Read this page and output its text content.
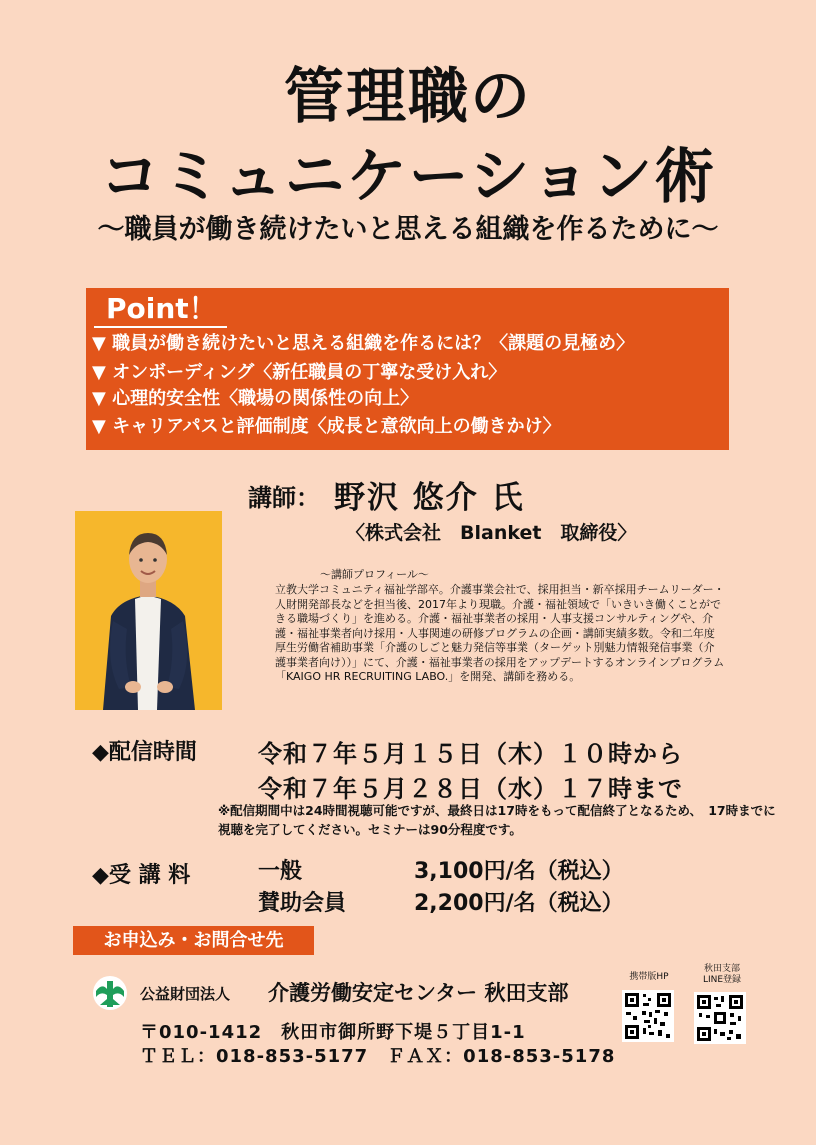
管理職の
コミュニケーション術
〜職員が働き続けたいと思える組織を作るために〜
Point！
▼ 職員が働き続けたいと思える組織を作るには？〈課題の見極め〉
▼ オンボーディング〈新任職員の丁寧な受け入れ〉
▼ 心理的安全性〈職場の関係性の向上〉
▼ キャリアパスと評価制度〈成長と意欲向上の働きかけ〉
講師： 野沢 悠介 氏
〈株式会社　Blanket　取締役〉
〜講師プロフィール〜
立教大学コミュニティ福祉学部卒。介護事業会社で、採用担当・新卒採用チームリーダー・人財開発部長などを担当後、2017年より現職。介護・福祉領域で「いきいき働くことができる職場づくり」を進める。介護・福祉事業者の採用・人事支援コンサルティングや、介護・福祉事業者向け採用・人事関連の研修プログラムの企画・講師実績多数。令和二年度厚生労働省補助事業「介護のしごと魅力発信等事業（ターゲット別魅力情報発信事業（介護事業者向け））」にて、介護・福祉事業者の採用をアップデートするオンラインプログラム「KAIGO HR RECRUITING LABO.」を開発、講師を務める。
◆配信時間	令和７年５月１５日（木）１０時から
令和７年５月２８日（水）１７時まで
※配信期間中は24時間視聴可能ですが、最終日は17時をもって配信終了となるため、　17時までに視聴を完了してください。セミナーは90分程度です。
◆受 講 料	一般	3,100円/名（税込）
賛助会員	2,200円/名（税込）
お申込み・お問合せ先
公益財団法人 介護労働安定センター 秋田支部
〒010-1412　秋田市御所野下堤５丁目1-1
ＴＥＬ：018-853-5177　ＦＡＸ：018-853-5178
携帯版HP
秋田支部
LINE登録
